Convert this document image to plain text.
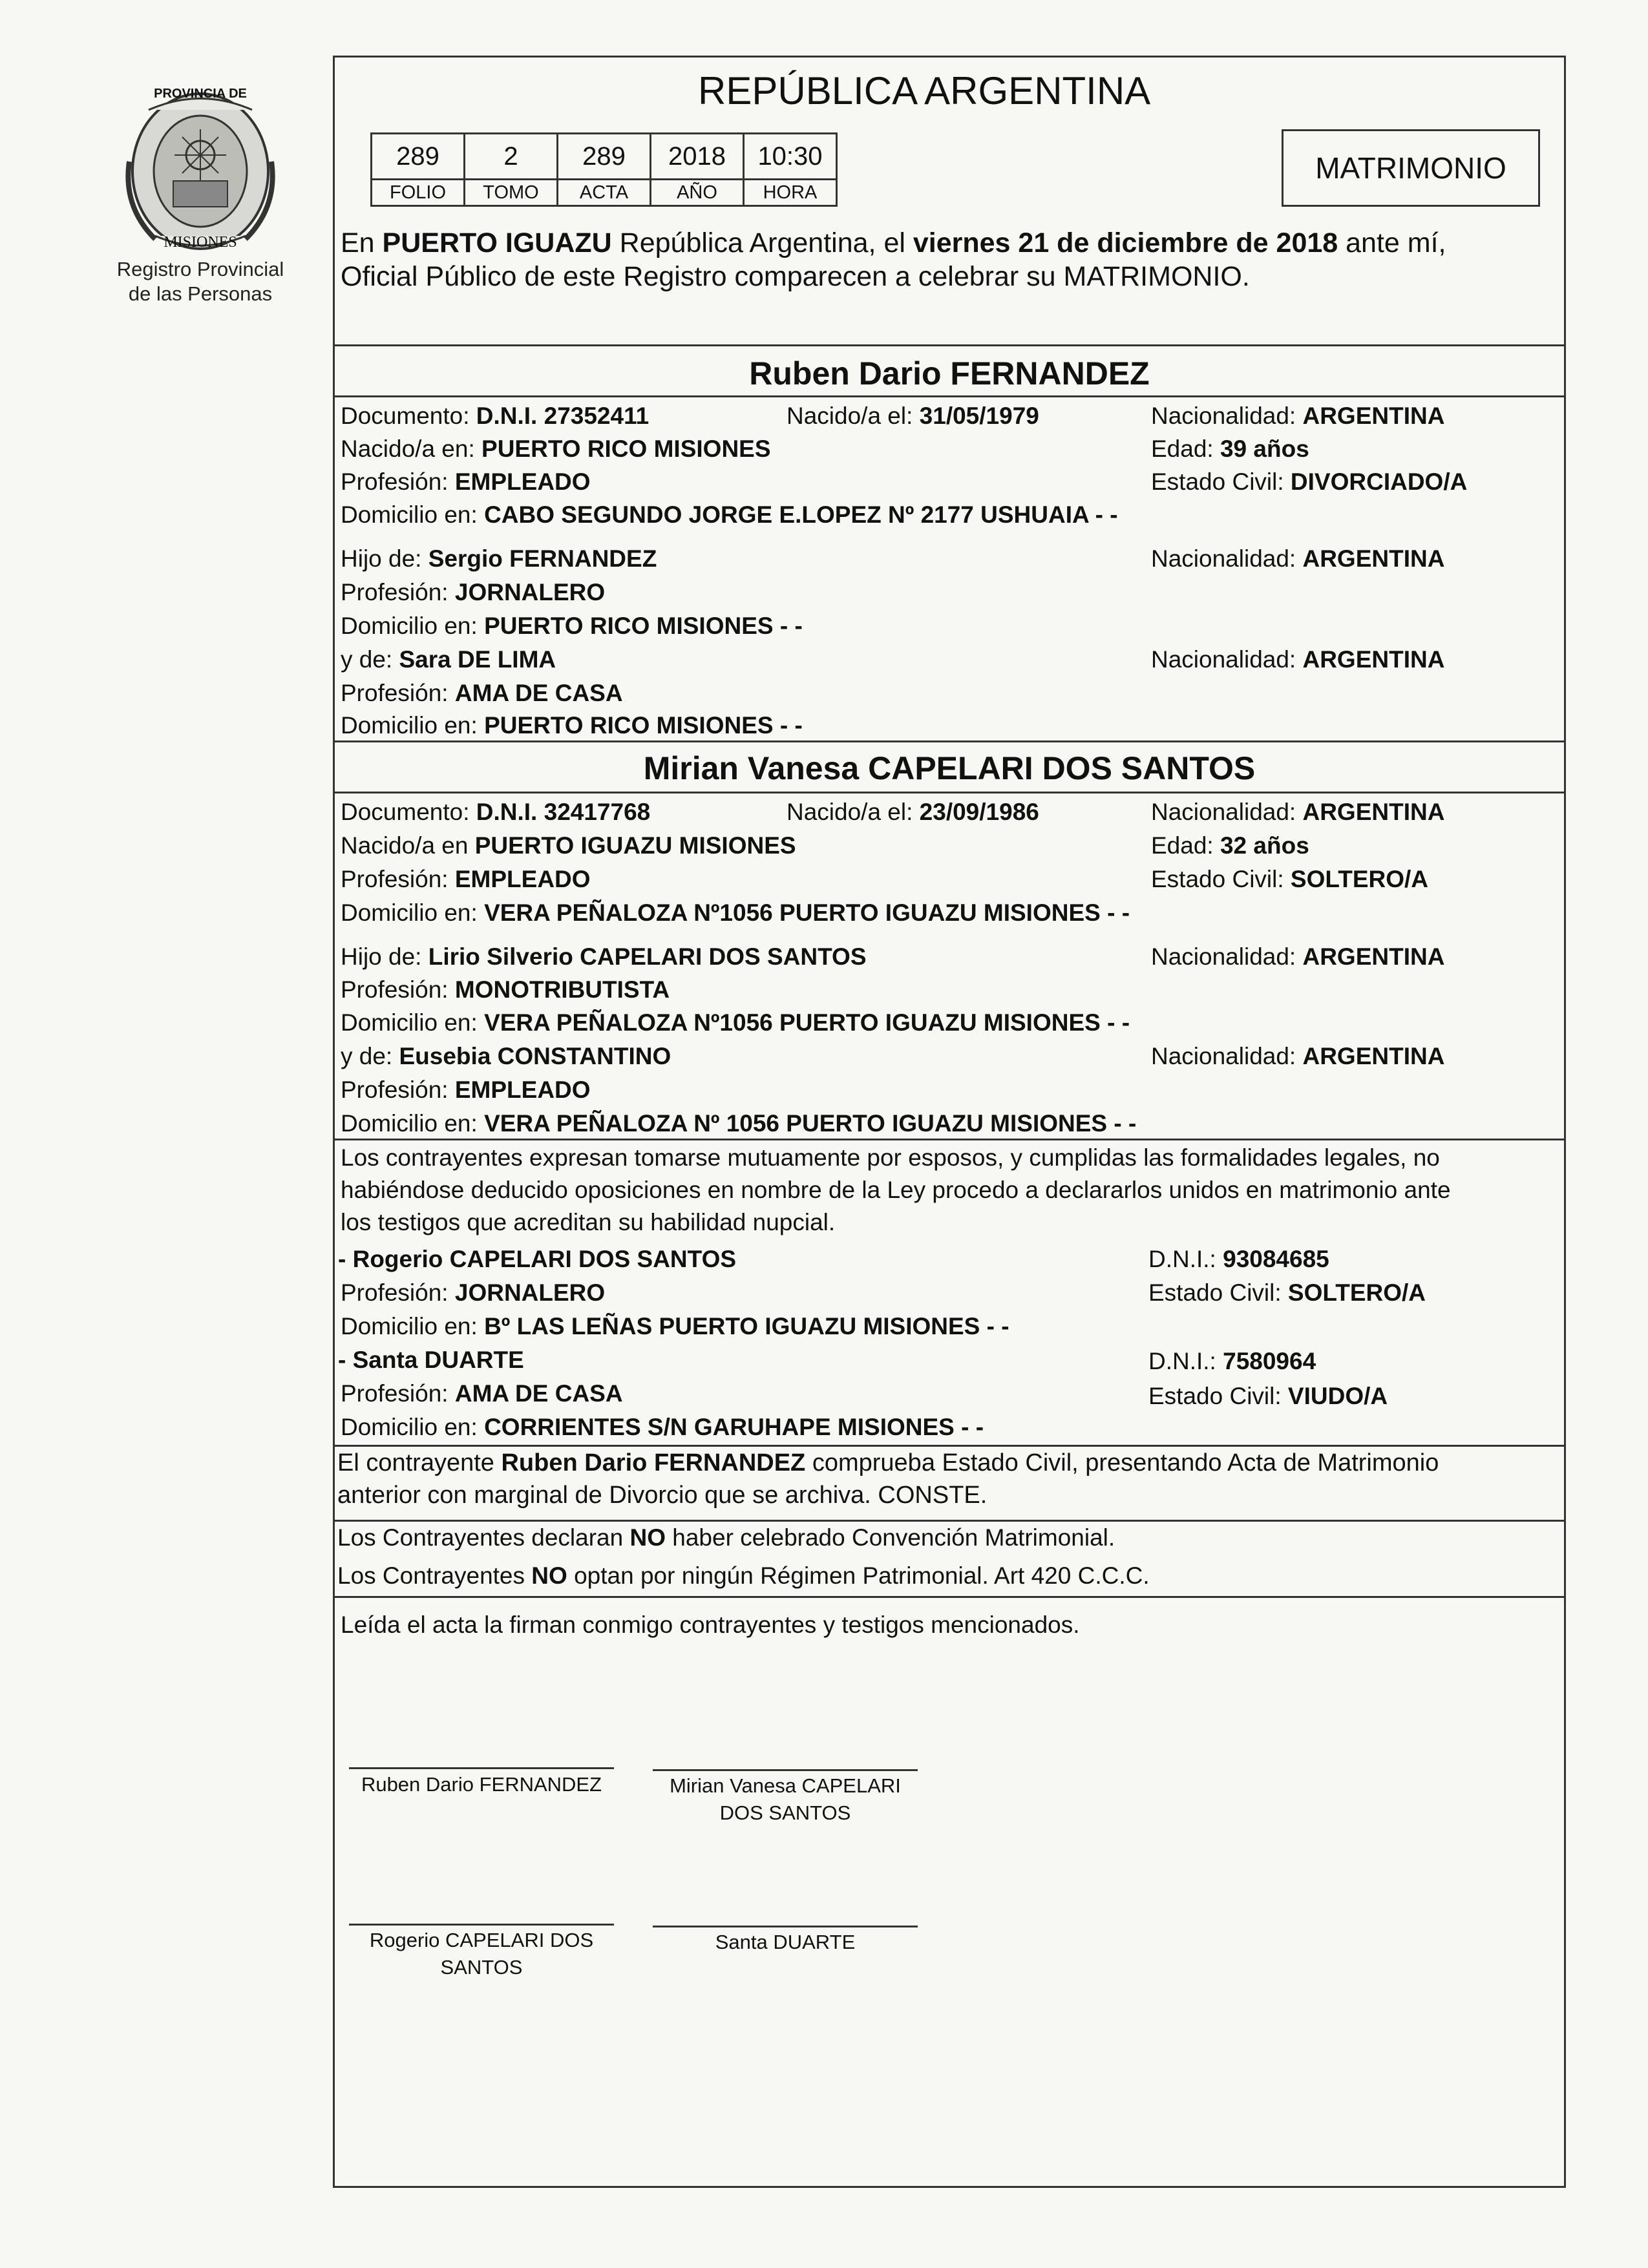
PROVINCIA DE
MISIONES
Registro Provincial
de las Personas
REPÚBLICA ARGENTINA
289	2	289	2018	10:30
FOLIO	TOMO	ACTA	AÑO	HORA
MATRIMONIO
En PUERTO IGUAZU República Argentina, el viernes 21 de diciembre de 2018 ante mí,
Oficial Público de este Registro comparecen a celebrar su MATRIMONIO.
Ruben Dario FERNANDEZ
Documento: D.N.I. 27352411	Nacido/a el: 31/05/1979	Nacionalidad: ARGENTINA
Nacido/a en: PUERTO RICO MISIONES	Edad: 39 años
Profesión: EMPLEADO	Estado Civil: DIVORCIADO/A
Domicilio en: CABO SEGUNDO JORGE E.LOPEZ Nº 2177 USHUAIA - -
Hijo de: Sergio FERNANDEZ	Nacionalidad: ARGENTINA
Profesión: JORNALERO
Domicilio en: PUERTO RICO MISIONES - -
y de: Sara DE LIMA	Nacionalidad: ARGENTINA
Profesión: AMA DE CASA
Domicilio en: PUERTO RICO MISIONES - -
Mirian Vanesa CAPELARI DOS SANTOS
Documento: D.N.I. 32417768	Nacido/a el: 23/09/1986	Nacionalidad: ARGENTINA
Nacido/a en PUERTO IGUAZU MISIONES	Edad: 32 años
Profesión: EMPLEADO	Estado Civil: SOLTERO/A
Domicilio en: VERA PEÑALOZA Nº1056 PUERTO IGUAZU MISIONES - -
Hijo de: Lirio Silverio CAPELARI DOS SANTOS	Nacionalidad: ARGENTINA
Profesión: MONOTRIBUTISTA
Domicilio en: VERA PEÑALOZA Nº1056 PUERTO IGUAZU MISIONES - -
y de: Eusebia CONSTANTINO	Nacionalidad: ARGENTINA
Profesión: EMPLEADO
Domicilio en: VERA PEÑALOZA Nº 1056 PUERTO IGUAZU MISIONES - -
Los contrayentes expresan tomarse mutuamente por esposos, y cumplidas las formalidades legales, no
habiéndose deducido oposiciones en nombre de la Ley procedo a declararlos unidos en matrimonio ante
los testigos que acreditan su habilidad nupcial.
- Rogerio CAPELARI DOS SANTOS	D.N.I.: 93084685
Profesión: JORNALERO	Estado Civil: SOLTERO/A
Domicilio en: Bº LAS LEÑAS PUERTO IGUAZU MISIONES - -
- Santa DUARTE	D.N.I.: 7580964
Profesión: AMA DE CASA	Estado Civil: VIUDO/A
Domicilio en: CORRIENTES S/N GARUHAPE MISIONES - -
El contrayente Ruben Dario FERNANDEZ comprueba Estado Civil, presentando Acta de Matrimonio
anterior con marginal de Divorcio que se archiva. CONSTE.
Los Contrayentes declaran NO haber celebrado Convención Matrimonial.
Los Contrayentes NO optan por ningún Régimen Patrimonial. Art 420 C.C.C.
Leída el acta la firman conmigo contrayentes y testigos mencionados.
Ruben Dario FERNANDEZ	Mirian Vanesa CAPELARI
DOS SANTOS
Rogerio CAPELARI DOS
SANTOS
Santa DUARTE
